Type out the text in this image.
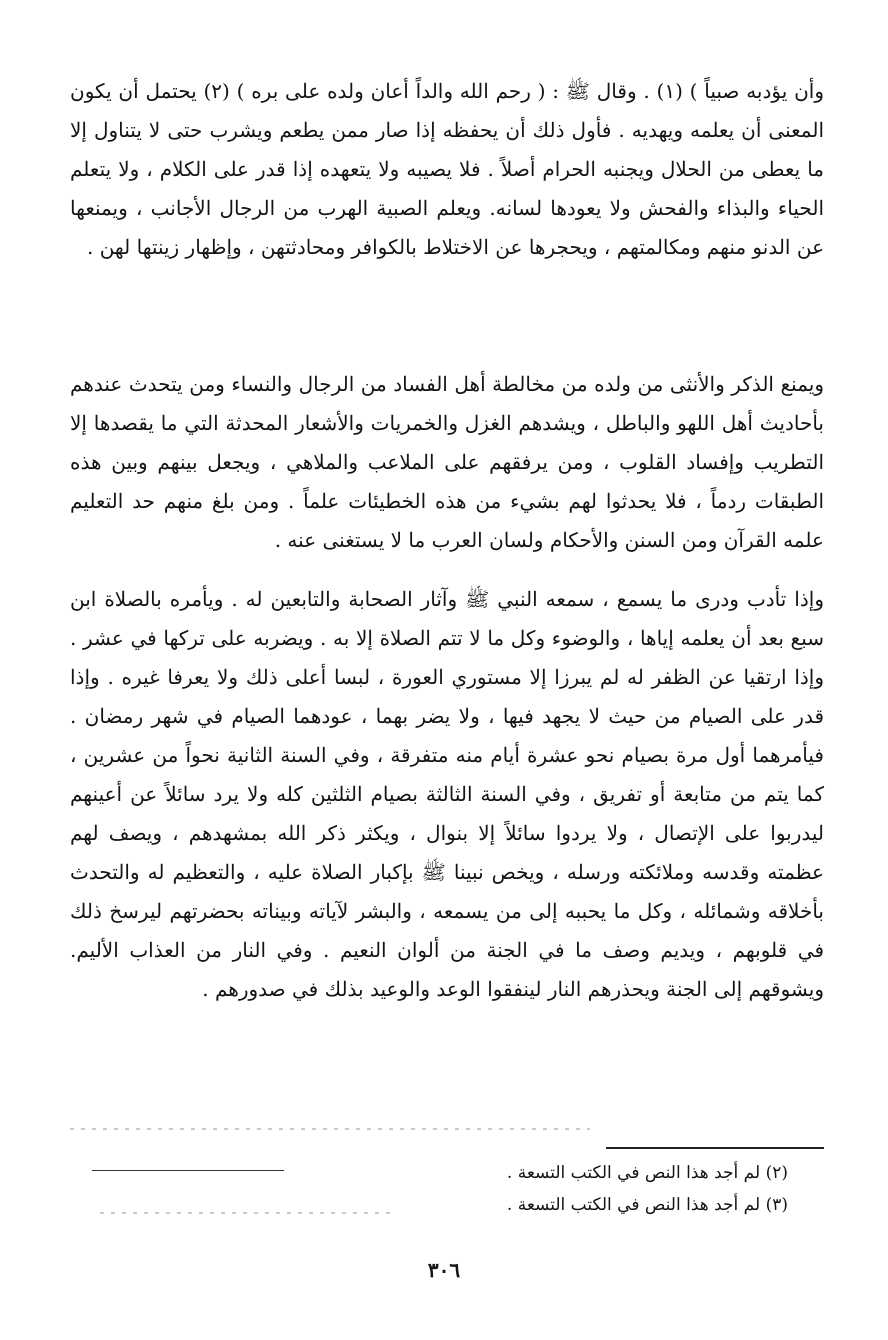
وأن يؤدبه صبياً ) (١) . وقال ﷺ : ( رحم الله والداً أعان ولده على بره ) (٢) يحتمل أن يكون المعنى أن يعلمه ويهديه . فأول ذلك أن يحفظه إذا صار ممن يطعم ويشرب حتى لا يتناول إلا ما يعطى من الحلال ويجنبه الحرام أصلاً . فلا يصيبه ولا يتعهده إذا قدر على الكلام ، ولا يتعلم الحياء والبذاء والفحش ولا يعودها لسانه. ويعلم الصبية الهرب من الرجال الأجانب ، ويمنعها عن الدنو منهم ومكالمتهم ، ويحجرها عن الاختلاط بالكوافر ومحادثتهن ، وإظهار زينتها لهن .

ويمنع الذكر والأنثى من ولده من مخالطة أهل الفساد من الرجال والنساء ومن يتحدث عندهم بأحاديث أهل اللهو والباطل ، ويشدهم الغزل والخمريات والأشعار المحدثة التي ما يقصدها إلا التطريب وإفساد القلوب ، ومن يرفقهم على الملاعب والملاهي ، ويجعل بينهم وبين هذه الطبقات ردماً ، فلا يحدثوا لهم بشيء من هذه الخطيئات علماً . ومن بلغ منهم حد التعليم علمه القرآن ومن السنن والأحكام ولسان العرب ما لا يستغنى عنه .

وإذا تأدب ودرى ما يسمع ، سمعه النبي ﷺ وآثار الصحابة والتابعين له . ويأمره بالصلاة ابن سبع بعد أن يعلمه إياها ، والوضوء وكل ما لا تتم الصلاة إلا به . ويضربه على تركها في عشر . وإذا ارتقيا عن الظفر له لم يبرزا إلا مستوري العورة ، لبسا أعلى ذلك ولا يعرفا غيره . وإذا قدر على الصيام من حيث لا يجهد فيها ، ولا يضر بهما ، عودهما الصيام في شهر رمضان . فيأمرهما أول مرة بصيام نحو عشرة أيام منه متفرقة ، وفي السنة الثانية نحواً من عشرين ، كما يتم من متابعة أو تفريق ، وفي السنة الثالثة بصيام الثلثين كله ولا يرد سائلاً عن أعينهم ليدربوا على الإتصال ، ولا يردوا سائلاً إلا بنوال ، ويكثر ذكر الله بمشهدهم ، ويصف لهم عظمته وقدسه وملائكته ورسله ، ويخص نبينا ﷺ بإكبار الصلاة عليه ، والتعظيم له والتحدث بأخلاقه وشمائله ، وكل ما يحببه إلى من يسمعه ، والبشر لآياته وبيناته بحضرتهم ليرسخ ذلك في قلوبهم ، ويديم وصف ما في الجنة من ألوان النعيم . وفي النار من العذاب الأليم. ويشوقهم إلى الجنة ويحذرهم النار لينفقوا الوعد والوعيد بذلك في صدورهم .

(٢) لم أجد هذا النص في الكتب التسعة .

(٣) لم أجد هذا النص في الكتب التسعة .

٣٠٦
